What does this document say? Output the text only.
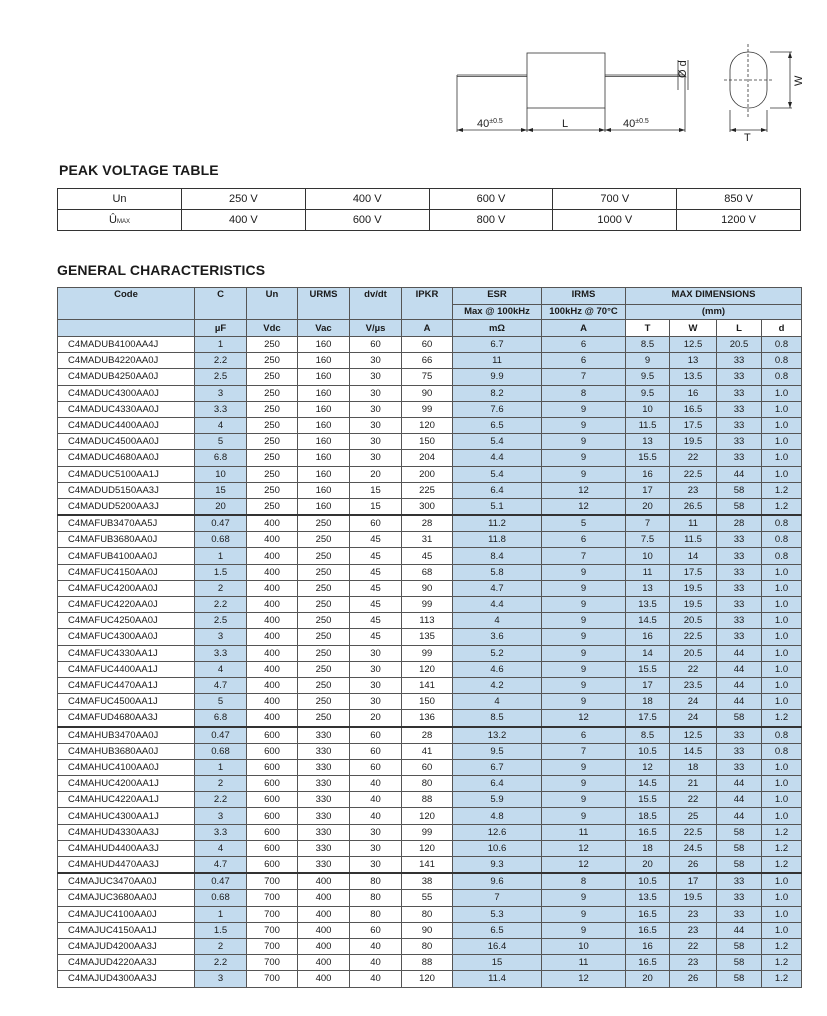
$40^{\pm 0.5}$	L	$40^{\pm 0.5}$
Ø d
W
T
PEAK VOLTAGE TABLE
Un	250 V	400 V	600 V	700 V	850 V
ÛMAX	400 V	600 V	800 V	1000 V	1200 V
GENERAL CHARACTERISTICS
Code	C	Un	URMS	dv/dt	IPKR	ESR	IRMS	MAX DIMENSIONS			
						Max @ 100kHz	100kHz @ 70°C	(mm)			
	µF	Vdc	Vac	V/µs	A	mΩ	A	T	W	L	d
C4MADUB4100AA4J	1	250	160	60	60	6.7	6	8.5	12.5	20.5	0.8
C4MADUB4220AA0J	2.2	250	160	30	66	11	6	9	13	33	0.8
C4MADUB4250AA0J	2.5	250	160	30	75	9.9	7	9.5	13.5	33	0.8
C4MADUC4300AA0J	3	250	160	30	90	8.2	8	9.5	16	33	1.0
C4MADUC4330AA0J	3.3	250	160	30	99	7.6	9	10	16.5	33	1.0
C4MADUC4400AA0J	4	250	160	30	120	6.5	9	11.5	17.5	33	1.0
C4MADUC4500AA0J	5	250	160	30	150	5.4	9	13	19.5	33	1.0
C4MADUC4680AA0J	6.8	250	160	30	204	4.4	9	15.5	22	33	1.0
C4MADUC5100AA1J	10	250	160	20	200	5.4	9	16	22.5	44	1.0
C4MADUD5150AA3J	15	250	160	15	225	6.4	12	17	23	58	1.2
C4MADUD5200AA3J	20	250	160	15	300	5.1	12	20	26.5	58	1.2
C4MAFUB3470AA5J	0.47	400	250	60	28	11.2	5	7	11	28	0.8
C4MAFUB3680AA0J	0.68	400	250	45	31	11.8	6	7.5	11.5	33	0.8
C4MAFUB4100AA0J	1	400	250	45	45	8.4	7	10	14	33	0.8
C4MAFUC4150AA0J	1.5	400	250	45	68	5.8	9	11	17.5	33	1.0
C4MAFUC4200AA0J	2	400	250	45	90	4.7	9	13	19.5	33	1.0
C4MAFUC4220AA0J	2.2	400	250	45	99	4.4	9	13.5	19.5	33	1.0
C4MAFUC4250AA0J	2.5	400	250	45	113	4	9	14.5	20.5	33	1.0
C4MAFUC4300AA0J	3	400	250	45	135	3.6	9	16	22.5	33	1.0
C4MAFUC4330AA1J	3.3	400	250	30	99	5.2	9	14	20.5	44	1.0
C4MAFUC4400AA1J	4	400	250	30	120	4.6	9	15.5	22	44	1.0
C4MAFUC4470AA1J	4.7	400	250	30	141	4.2	9	17	23.5	44	1.0
C4MAFUC4500AA1J	5	400	250	30	150	4	9	18	24	44	1.0
C4MAFUD4680AA3J	6.8	400	250	20	136	8.5	12	17.5	24	58	1.2
C4MAHUB3470AA0J	0.47	600	330	60	28	13.2	6	8.5	12.5	33	0.8
C4MAHUB3680AA0J	0.68	600	330	60	41	9.5	7	10.5	14.5	33	0.8
C4MAHUC4100AA0J	1	600	330	60	60	6.7	9	12	18	33	1.0
C4MAHUC4200AA1J	2	600	330	40	80	6.4	9	14.5	21	44	1.0
C4MAHUC4220AA1J	2.2	600	330	40	88	5.9	9	15.5	22	44	1.0
C4MAHUC4300AA1J	3	600	330	40	120	4.8	9	18.5	25	44	1.0
C4MAHUD4330AA3J	3.3	600	330	30	99	12.6	11	16.5	22.5	58	1.2
C4MAHUD4400AA3J	4	600	330	30	120	10.6	12	18	24.5	58	1.2
C4MAHUD4470AA3J	4.7	600	330	30	141	9.3	12	20	26	58	1.2
C4MAJUC3470AA0J	0.47	700	400	80	38	9.6	8	10.5	17	33	1.0
C4MAJUC3680AA0J	0.68	700	400	80	55	7	9	13.5	19.5	33	1.0
C4MAJUC4100AA0J	1	700	400	80	80	5.3	9	16.5	23	33	1.0
C4MAJUC4150AA1J	1.5	700	400	60	90	6.5	9	16.5	23	44	1.0
C4MAJUD4200AA3J	2	700	400	40	80	16.4	10	16	22	58	1.2
C4MAJUD4220AA3J	2.2	700	400	40	88	15	11	16.5	23	58	1.2
C4MAJUD4300AA3J	3	700	400	40	120	11.4	12	20	26	58	1.2
